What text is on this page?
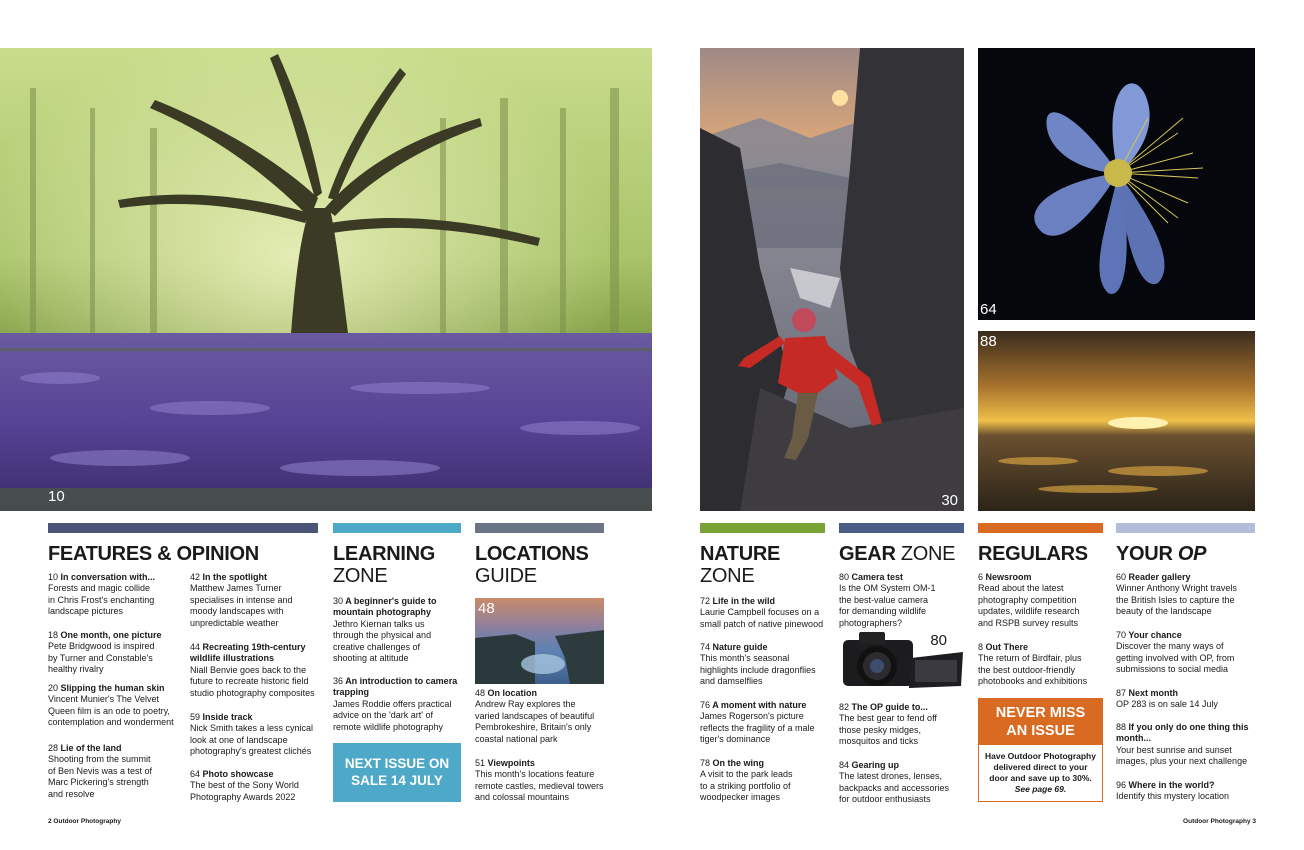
10	30
64
88
FEATURES & OPINION
10 In conversation with...
Forests and magic collide
in Chris Frost's enchanting
landscape pictures
18 One month, one picture
Pete Bridgwood is inspired
by Turner and Constable's
healthy rivalry
20 Slipping the human skin
Vincent Munier's The Velvet
Queen film is an ode to poetry,
contemplation and wonderment
28 Lie of the land
Shooting from the summit
of Ben Nevis was a test of
Marc Pickering's strength
and resolve
42 In the spotlight
Matthew James Turner
specialises in intense and
moody landscapes with
unpredictable weather
44 Recreating 19th-century wildlife illustrations
Niall Benvie goes back to the
future to recreate historic field
studio photography composites
59 Inside track
Nick Smith takes a less cynical
look at one of landscape
photography's greatest clichés
64 Photo showcase
The best of the Sony World
Photography Awards 2022
LEARNING
ZONE
30 A beginner's guide to mountain photography
Jethro Kiernan talks us
through the physical and
creative challenges of
shooting at altitude
36 An introduction to camera trapping
James Roddie offers practical
advice on the 'dark art' of
remote wildlife photography
NEXT ISSUE ON
SALE 14 JULY
LOCATIONS
GUIDE
48
48 On location
Andrew Ray explores the
varied landscapes of beautiful
Pembrokeshire, Britain's only
coastal national park
51 Viewpoints
This month's locations feature
remote castles, medieval towers
and colossal mountains
NATURE
ZONE
72 Life in the wild
Laurie Campbell focuses on a
small patch of native pinewood
74 Nature guide
This month's seasonal
highlights include dragonflies
and damselflies
76 A moment with nature
James Rogerson's picture
reflects the fragility of a male
tiger's dominance
78 On the wing
A visit to the park leads
to a striking portfolio of
woodpecker images
GEAR ZONE
80 Camera test
Is the OM System OM-1
the best-value camera
for demanding wildlife
photographers?
82 The OP guide to...
The best gear to fend off
those pesky midges,
mosquitos and ticks
84 Gearing up
The latest drones, lenses,
backpacks and accessories
for outdoor enthusiasts
80
REGULARS
6 Newsroom
Read about the latest
photography competition
updates, wildlife research
and RSPB survey results
8 Out There
The return of Birdfair, plus
the best outdoor-friendly
photobooks and exhibitions
NEVER MISS
AN ISSUE
Have Outdoor Photography
delivered direct to your
door and save up to 30%.
See page 69.
YOUR OP
60 Reader gallery
Winner Anthony Wright travels
the British Isles to capture the
beauty of the landscape
70 Your chance
Discover the many ways of
getting involved with OP, from
submissions to social media
87 Next month
OP 283 is on sale 14 July
88 If you only do one thing this month...
Your best sunrise and sunset
images, plus your next challenge
96 Where in the world?
Identify this mystery location
2 Outdoor Photography	Outdoor Photography 3
